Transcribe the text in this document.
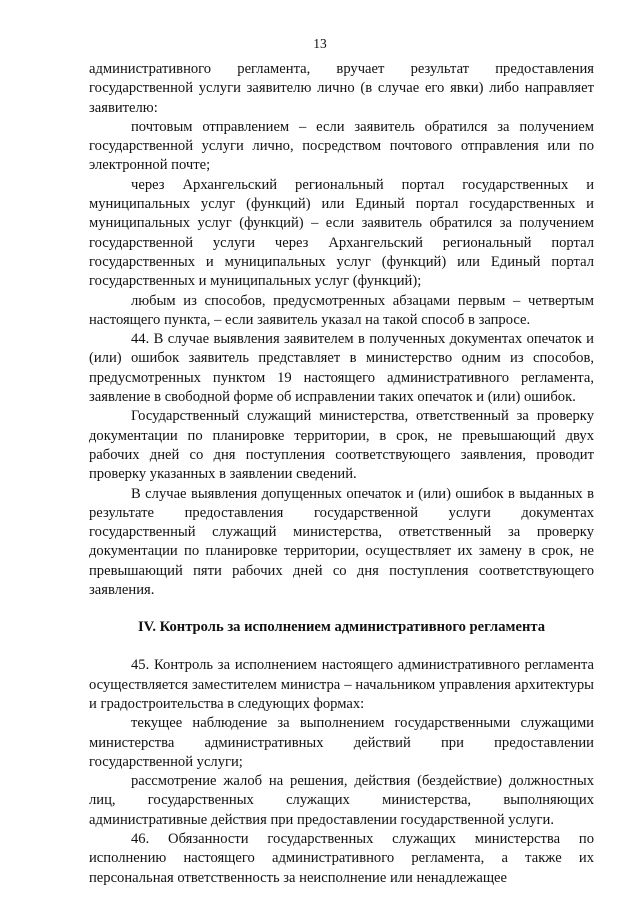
13

административного регламента, вручает результат предоставления государственной услуги заявителю лично (в случае его явки) либо направляет заявителю:

почтовым отправлением – если заявитель обратился за получением государственной услуги лично, посредством почтового отправления или по электронной почте;

через Архангельский региональный портал государственных и муниципальных услуг (функций) или Единый портал государственных и муниципальных услуг (функций) – если заявитель обратился за получением государственной услуги через Архангельский региональный портал государственных и муниципальных услуг (функций) или Единый портал государственных и муниципальных услуг (функций);

любым из способов, предусмотренных абзацами первым – четвертым настоящего пункта, – если заявитель указал на такой способ в запросе.

44. В случае выявления заявителем в полученных документах опечаток и (или) ошибок заявитель представляет в министерство одним из способов, предусмотренных пунктом 19 настоящего административного регламента, заявление в свободной форме об исправлении таких опечаток и (или) ошибок.

Государственный служащий министерства, ответственный за проверку документации по планировке территории, в срок, не превышающий двух рабочих дней со дня поступления соответствующего заявления, проводит проверку указанных в заявлении сведений.

В случае выявления допущенных опечаток и (или) ошибок в выданных в результате предоставления государственной услуги документах государственный служащий министерства, ответственный за проверку документации по планировке территории, осуществляет их замену в срок, не превышающий пяти рабочих дней со дня поступления соответствующего заявления.

IV. Контроль за исполнением административного регламента

45. Контроль за исполнением настоящего административного регламента осуществляется заместителем министра – начальником управления архитектуры и градостроительства в следующих формах:

текущее наблюдение за выполнением государственными служащими министерства административных действий при предоставлении государственной услуги;

рассмотрение жалоб на решения, действия (бездействие) должностных лиц, государственных служащих министерства, выполняющих административные действия при предоставлении государственной услуги.

46. Обязанности государственных служащих министерства по исполнению настоящего административного регламента, а также их персональная ответственность за неисполнение или ненадлежащее
